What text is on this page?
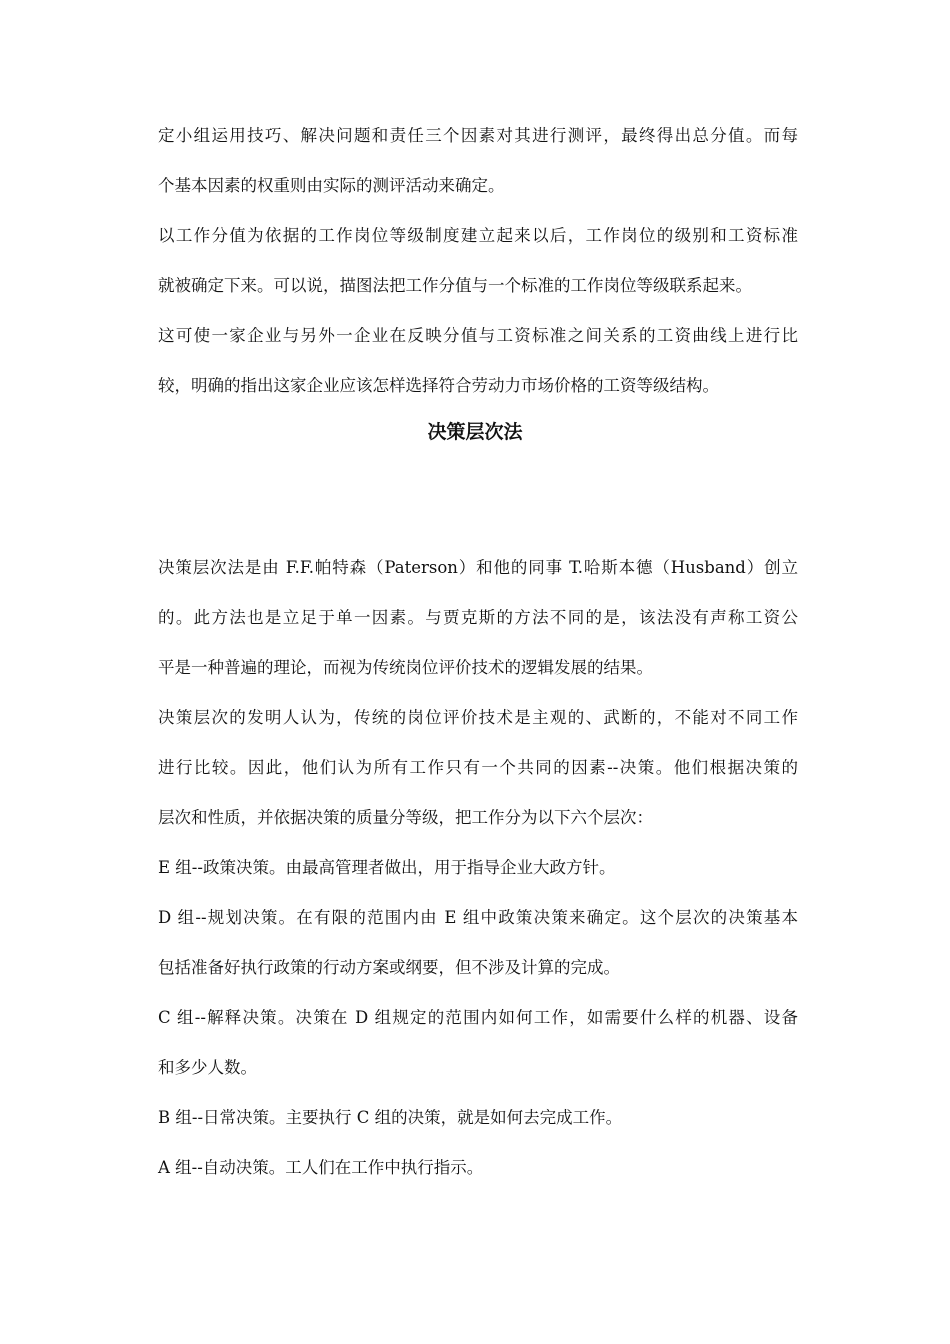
定小组运用技巧、解决问题和责任三个因素对其进行测评，最终得出总分值。而每
个基本因素的权重则由实际的测评活动来确定。
以工作分值为依据的工作岗位等级制度建立起来以后，工作岗位的级别和工资标准
就被确定下来。可以说，描图法把工作分值与一个标准的工作岗位等级联系起来。
这可使一家企业与另外一企业在反映分值与工资标准之间关系的工资曲线上进行比
较，明确的指出这家企业应该怎样选择符合劳动力市场价格的工资等级结构。
决策层次法
决策层次法是由 F.F.帕特森（Paterson）和他的同事 T.哈斯本德（Husband）创立
的。此方法也是立足于单一因素。与贾克斯的方法不同的是，该法没有声称工资公
平是一种普遍的理论，而视为传统岗位评价技术的逻辑发展的结果。
决策层次的发明人认为，传统的岗位评价技术是主观的、武断的，不能对不同工作
进行比较。因此，他们认为所有工作只有一个共同的因素--决策。他们根据决策的
层次和性质，并依据决策的质量分等级，把工作分为以下六个层次：
E 组--政策决策。由最高管理者做出，用于指导企业大政方针。
D 组--规划决策。在有限的范围内由 E 组中政策决策来确定。这个层次的决策基本
包括准备好执行政策的行动方案或纲要，但不涉及计算的完成。
C 组--解释决策。决策在 D 组规定的范围内如何工作，如需要什么样的机器、设备
和多少人数。
B 组--日常决策。主要执行 C 组的决策，就是如何去完成工作。
A 组--自动决策。工人们在工作中执行指示。
